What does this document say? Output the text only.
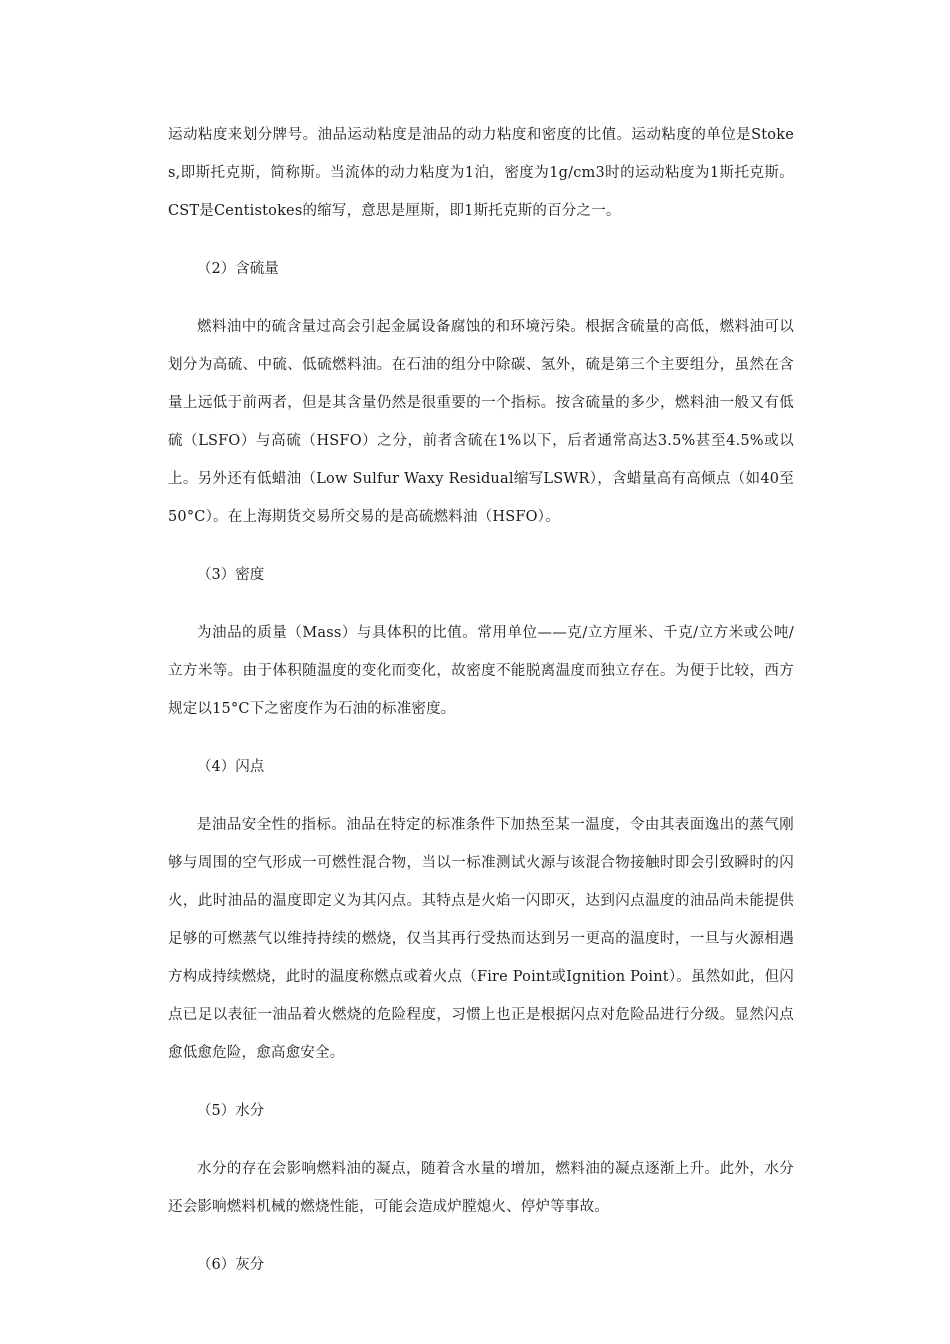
运动粘度来划分牌号。油品运动粘度是油品的动力粘度和密度的比值。运动粘度的单位是Stokes,即斯托克斯，简称斯。当流体的动力粘度为1泊，密度为1g/cm3时的运动粘度为1斯托克斯。CST是Centistokes的缩写，意思是厘斯，即1斯托克斯的百分之一。

（2）含硫量

燃料油中的硫含量过高会引起金属设备腐蚀的和环境污染。根据含硫量的高低，燃料油可以划分为高硫、中硫、低硫燃料油。在石油的组分中除碳、氢外，硫是第三个主要组分，虽然在含量上远低于前两者，但是其含量仍然是很重要的一个指标。按含硫量的多少，燃料油一般又有低硫（LSFO）与高硫（HSFO）之分，前者含硫在1%以下，后者通常高达3.5%甚至4.5%或以上。另外还有低蜡油（Low Sulfur Waxy Residual缩写LSWR），含蜡量高有高倾点（如40至50°C）。在上海期货交易所交易的是高硫燃料油（HSFO）。

（3）密度

为油品的质量（Mass）与具体积的比值。常用单位——克/立方厘米、千克/立方米或公吨/立方米等。由于体积随温度的变化而变化，故密度不能脱离温度而独立存在。为便于比较，西方规定以15°C下之密度作为石油的标准密度。

（4）闪点

是油品安全性的指标。油品在特定的标准条件下加热至某一温度，令由其表面逸出的蒸气刚够与周围的空气形成一可燃性混合物，当以一标准测试火源与该混合物接触时即会引致瞬时的闪火，此时油品的温度即定义为其闪点。其特点是火焰一闪即灭，达到闪点温度的油品尚未能提供足够的可燃蒸气以维持持续的燃烧，仅当其再行受热而达到另一更高的温度时，一旦与火源相遇方构成持续燃烧，此时的温度称燃点或着火点（Fire Point或Ignition Point）。虽然如此，但闪点已足以表征一油品着火燃烧的危险程度，习惯上也正是根据闪点对危险品进行分级。显然闪点愈低愈危险，愈高愈安全。

（5）水分

水分的存在会影响燃料油的凝点，随着含水量的增加，燃料油的凝点逐渐上升。此外，水分还会影响燃料机械的燃烧性能，可能会造成炉膛熄火、停炉等事故。

（6）灰分
